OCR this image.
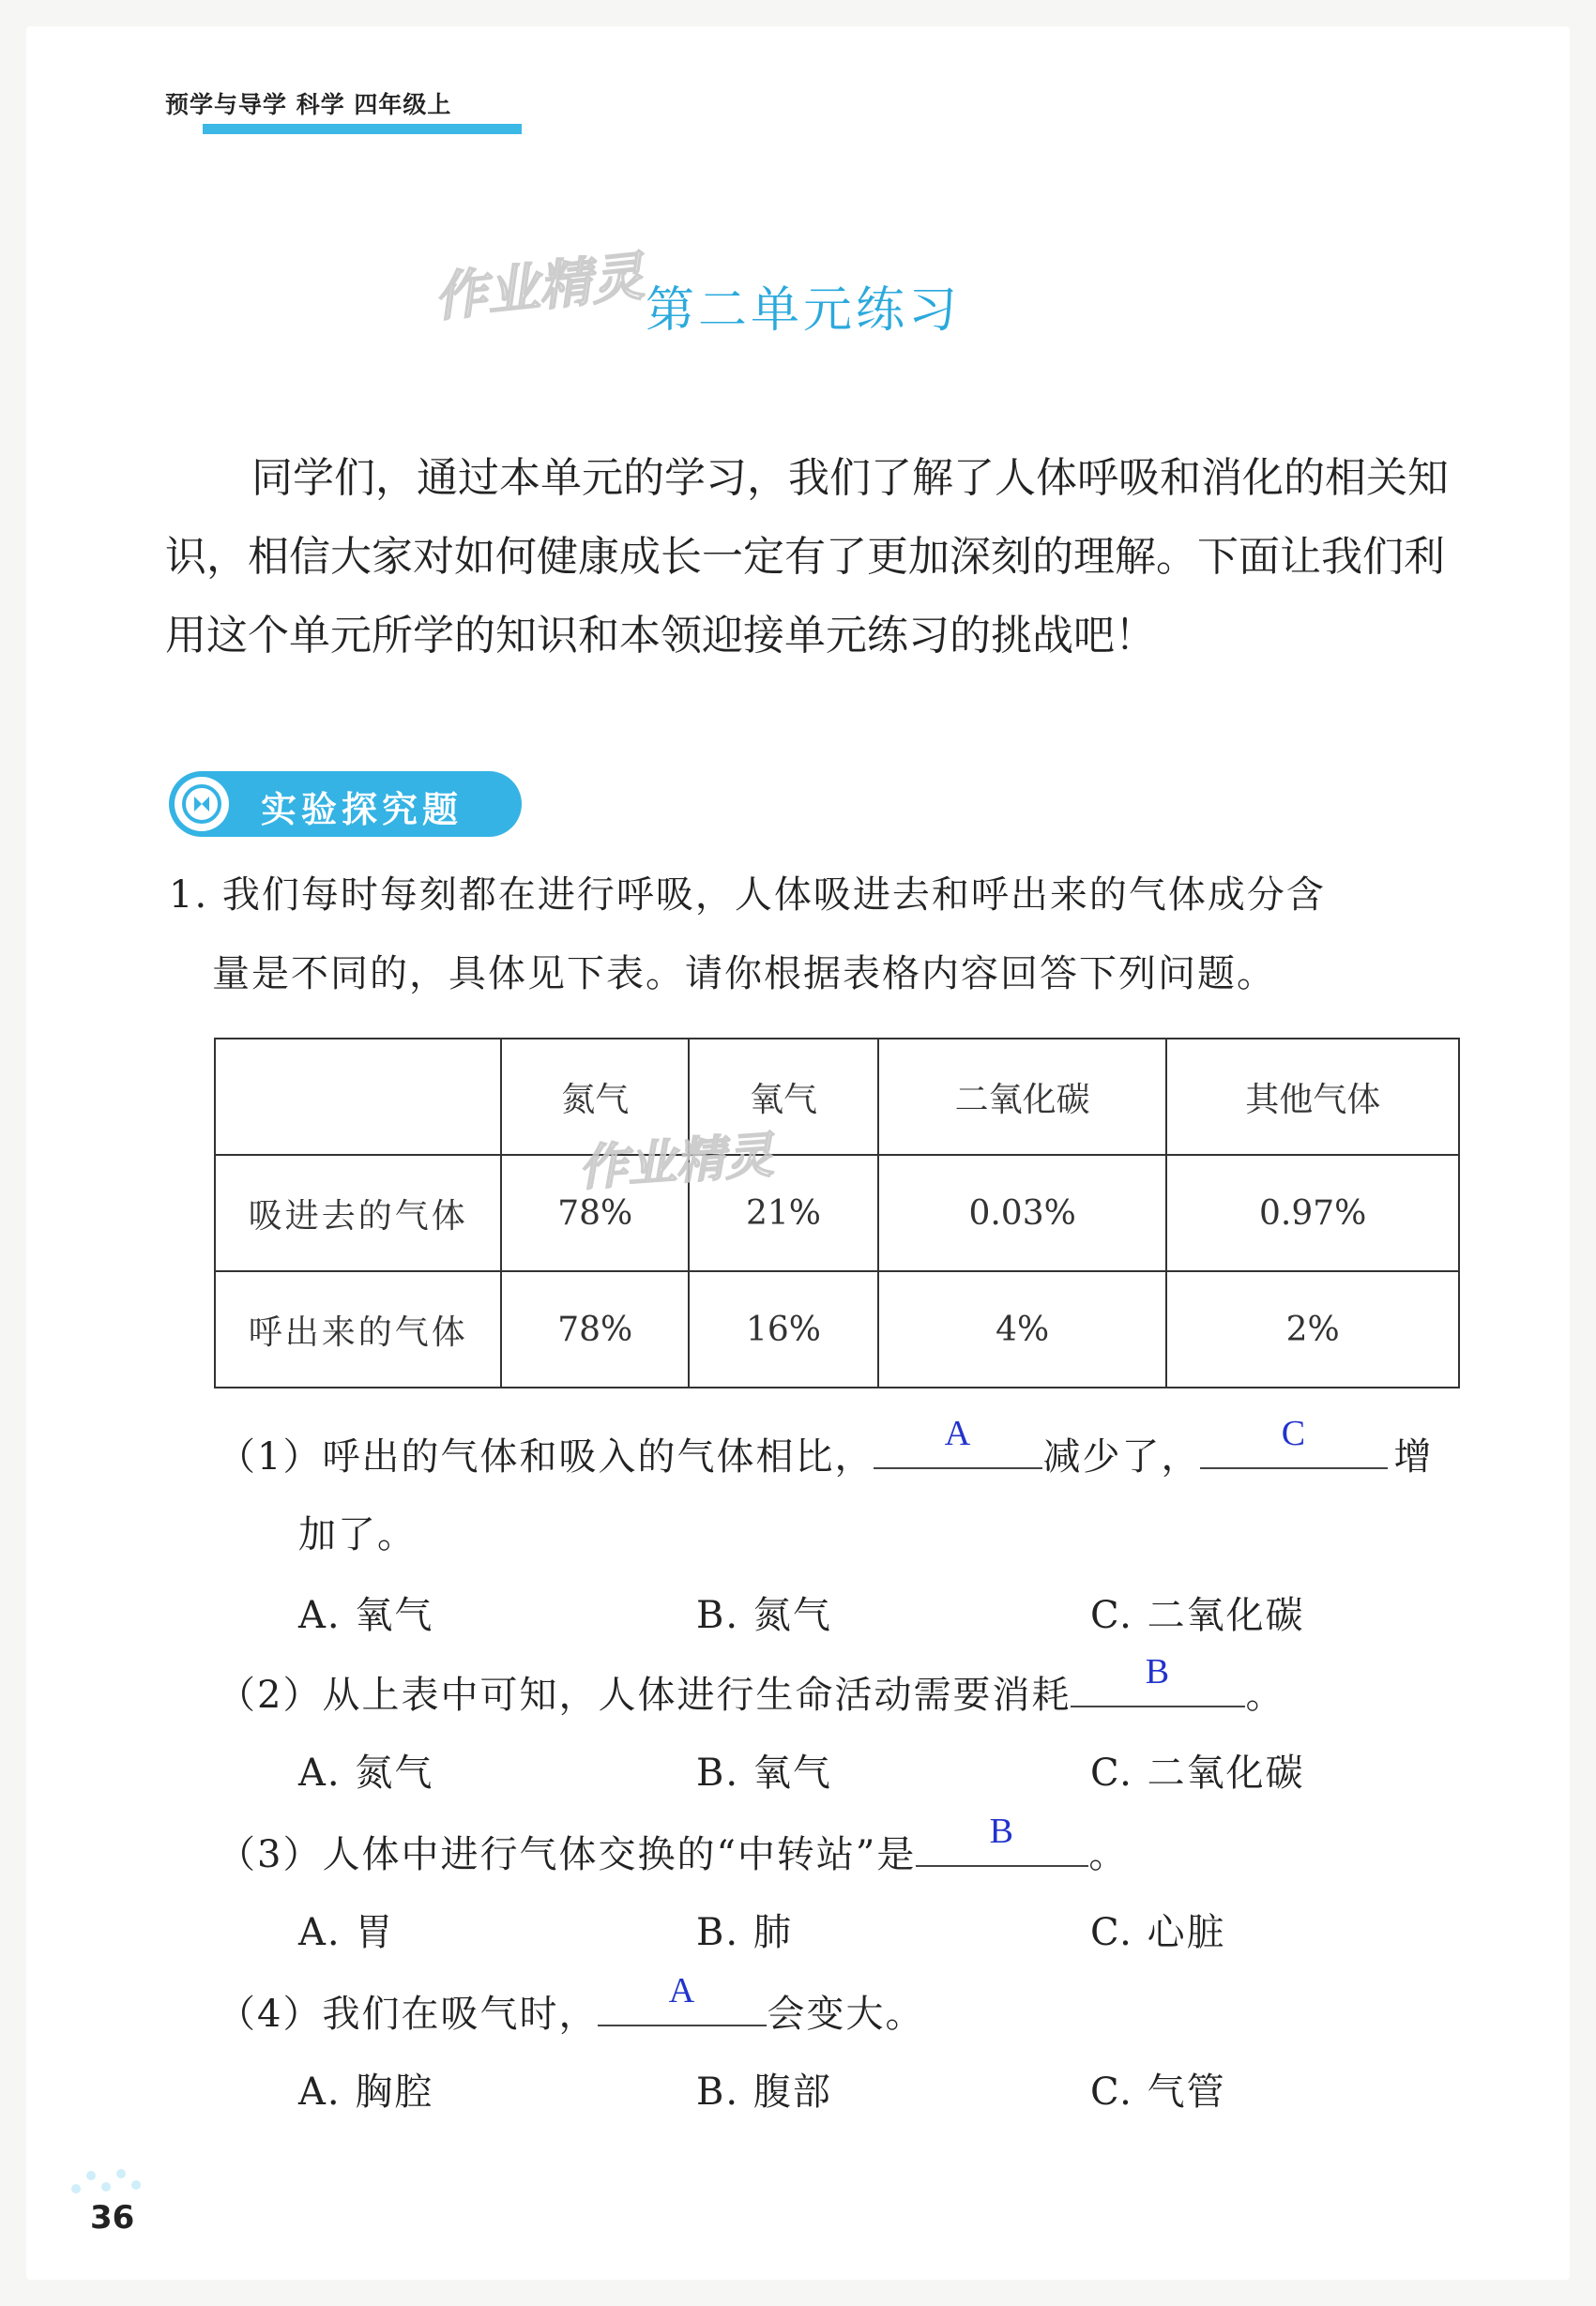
预学与导学 科学 四年级上
作业精灵
第二单元练习

同学们，通过本单元的学习，我们了解了人体呼吸和消化的相关知识，相信大家对如何健康成长一定有了更加深刻的理解。下面让我们利用这个单元所学的知识和本领迎接单元练习的挑战吧！

实验探究题
1. 我们每时每刻都在进行呼吸，人体吸进去和呼出来的气体成分含
量是不同的，具体见下表。请你根据表格内容回答下列问题。
	氮气	氧气	二氧化碳	其他气体
吸进去的气体	78%	21%	0.03%	0.97%
呼出来的气体	78%	16%	4%	2%
作业精灵
（1）呼出的气体和吸入的气体相比，
A
减少了，
C
增
加了。
A. 氧气	B. 氮气	C. 二氧化碳
（2）从上表中可知，人体进行生命活动需要消耗
B
。
A. 氮气	B. 氧气	C. 二氧化碳
（3）人体中进行气体交换的“中转站”是
B
。
A. 胃	B. 肺	C. 心脏
（4）我们在吸气时，
A
会变大。
A. 胸腔	B. 腹部	C. 气管
36
